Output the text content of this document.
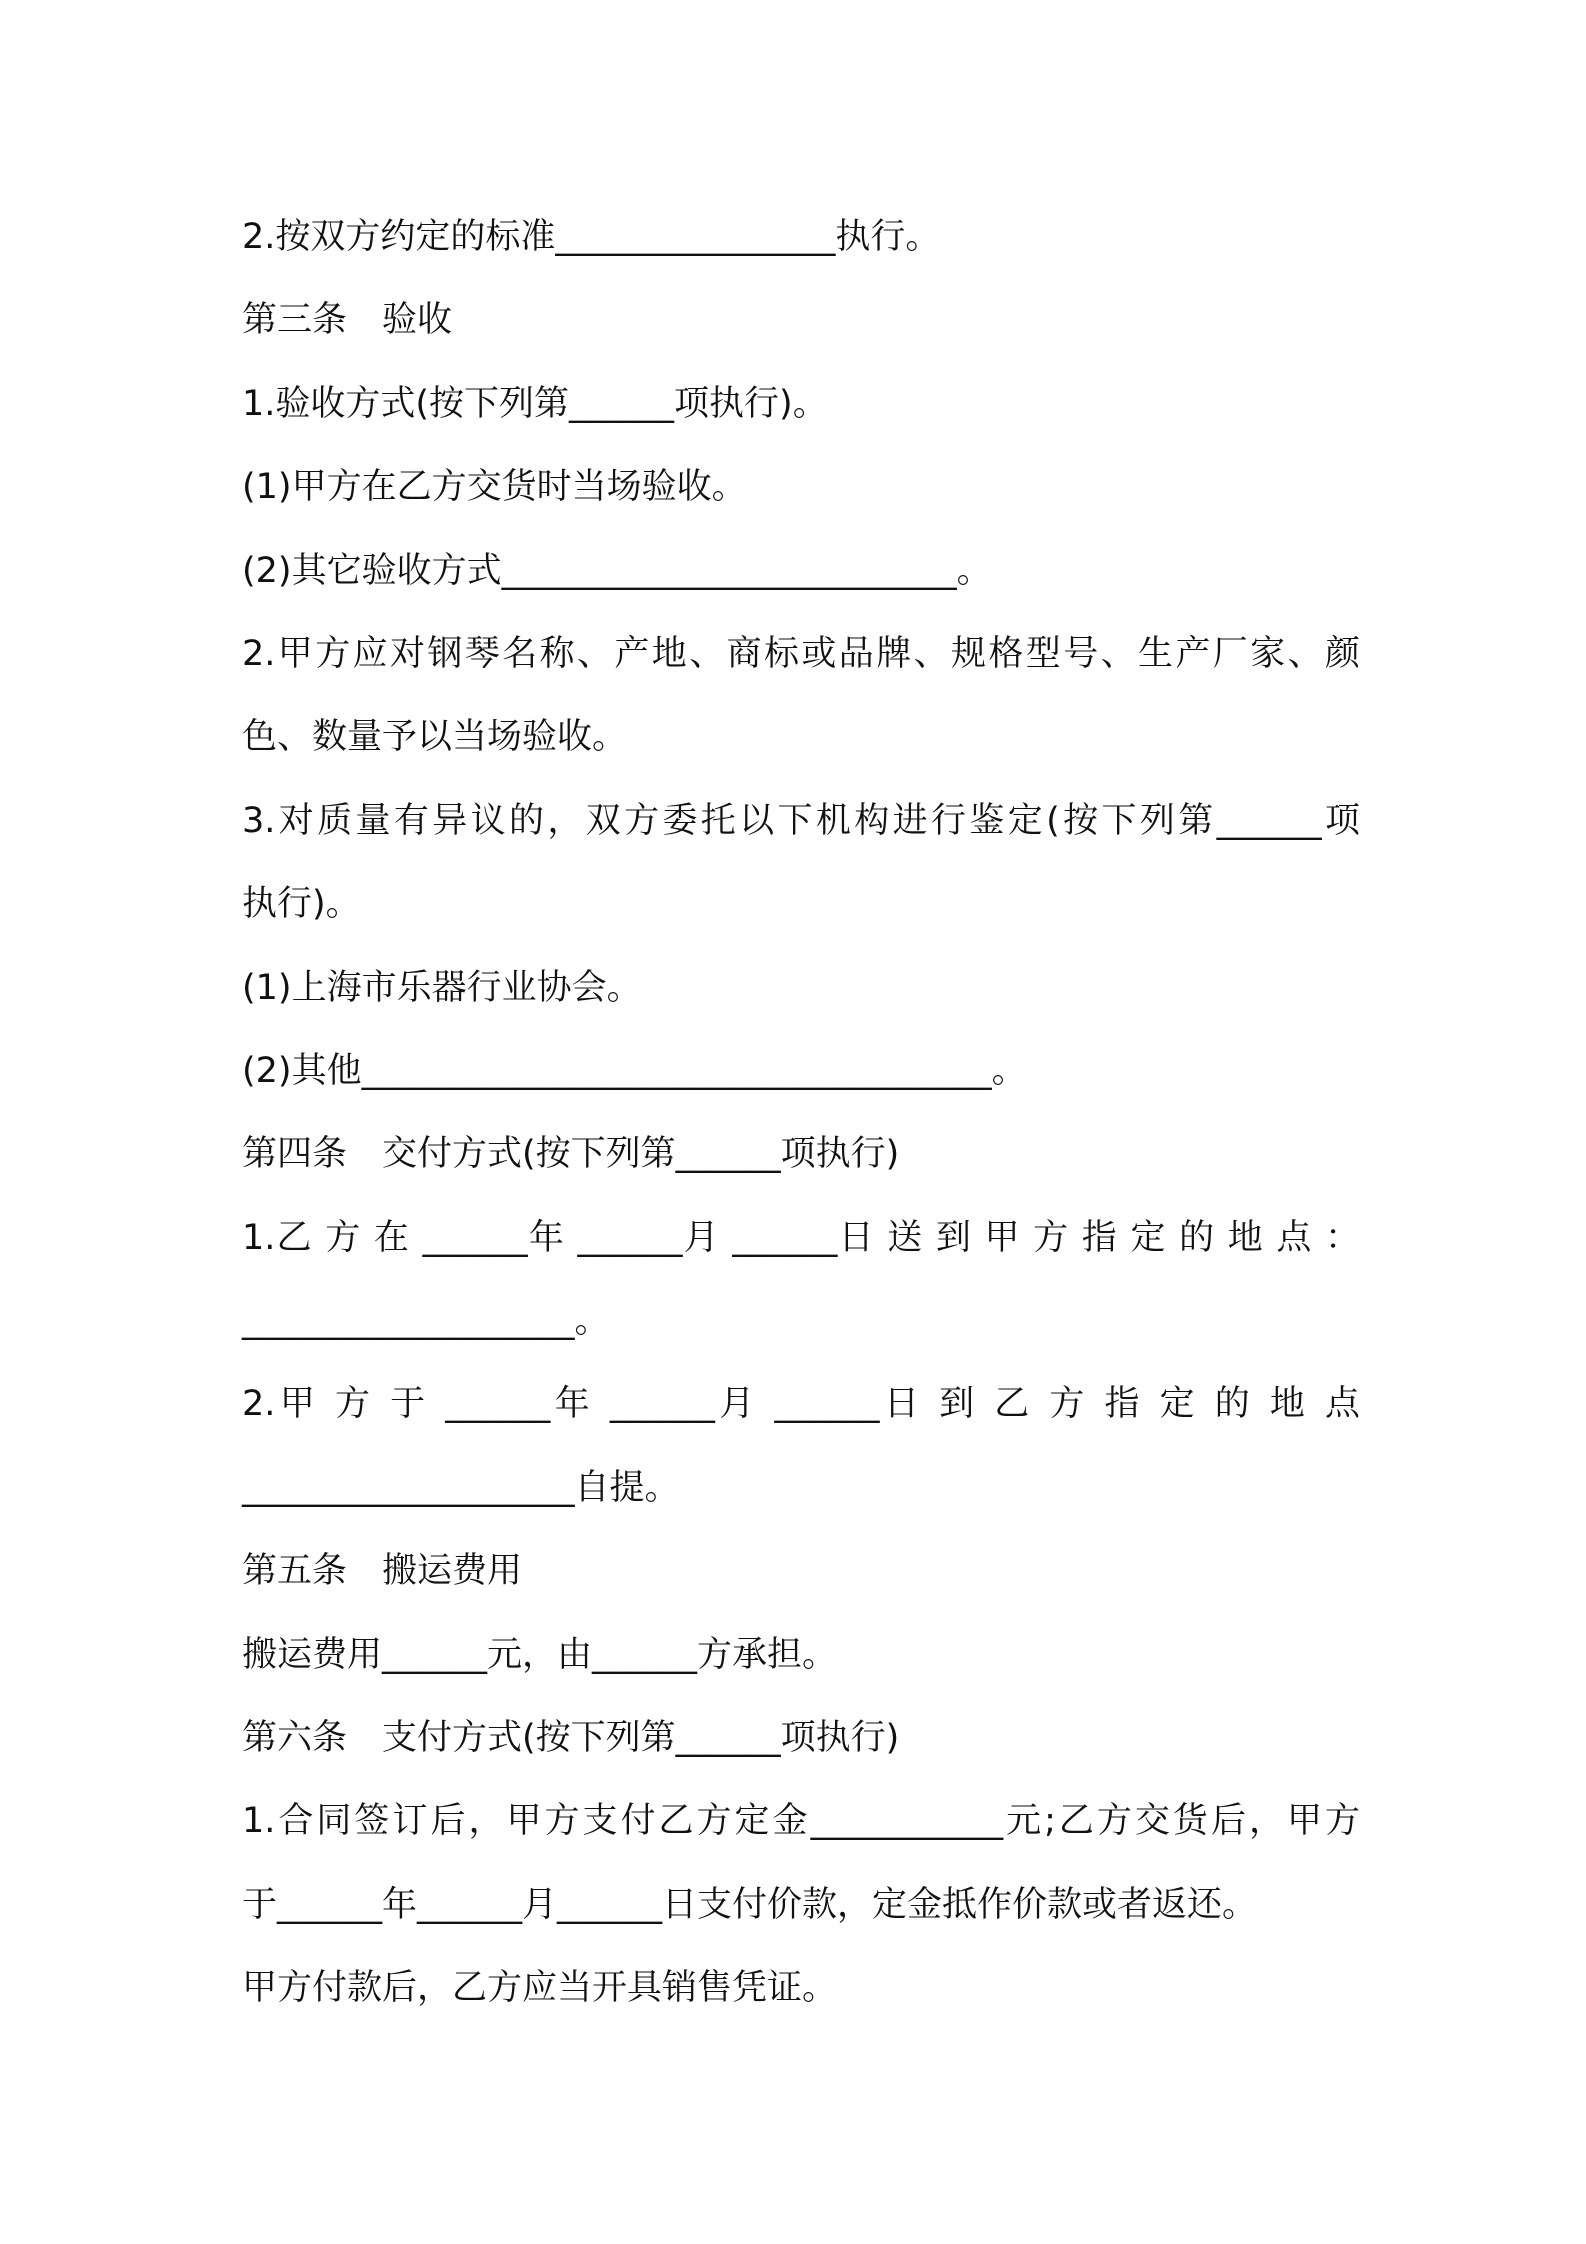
2.按双方约定的标准________________执行。
第三条　验收
1.验收方式(按下列第______项执行)。
(1)甲方在乙方交货时当场验收。
(2)其它验收方式__________________________。
2.甲方应对钢琴名称、产地、商标或品牌、规格型号、生产厂家、颜
色、数量予以当场验收。
3.对质量有异议的，双方委托以下机构进行鉴定(按下列第______项
执行)。
(1)上海市乐器行业协会。
(2)其他____________________________________。
第四条　交付方式(按下列第______项执行)
1.乙 方 在 ______年 ______月 ______日 送 到 甲 方 指 定 的 地 点 ：
___________________。
2.甲 方 于 ______年 ______月 ______日 到 乙 方 指 定 的 地 点
___________________自提。
第五条　搬运费用
搬运费用______元，由______方承担。
第六条　支付方式(按下列第______项执行)
1.合同签订后，甲方支付乙方定金___________元;乙方交货后，甲方
于______年______月______日支付价款，定金抵作价款或者返还。
甲方付款后，乙方应当开具销售凭证。
